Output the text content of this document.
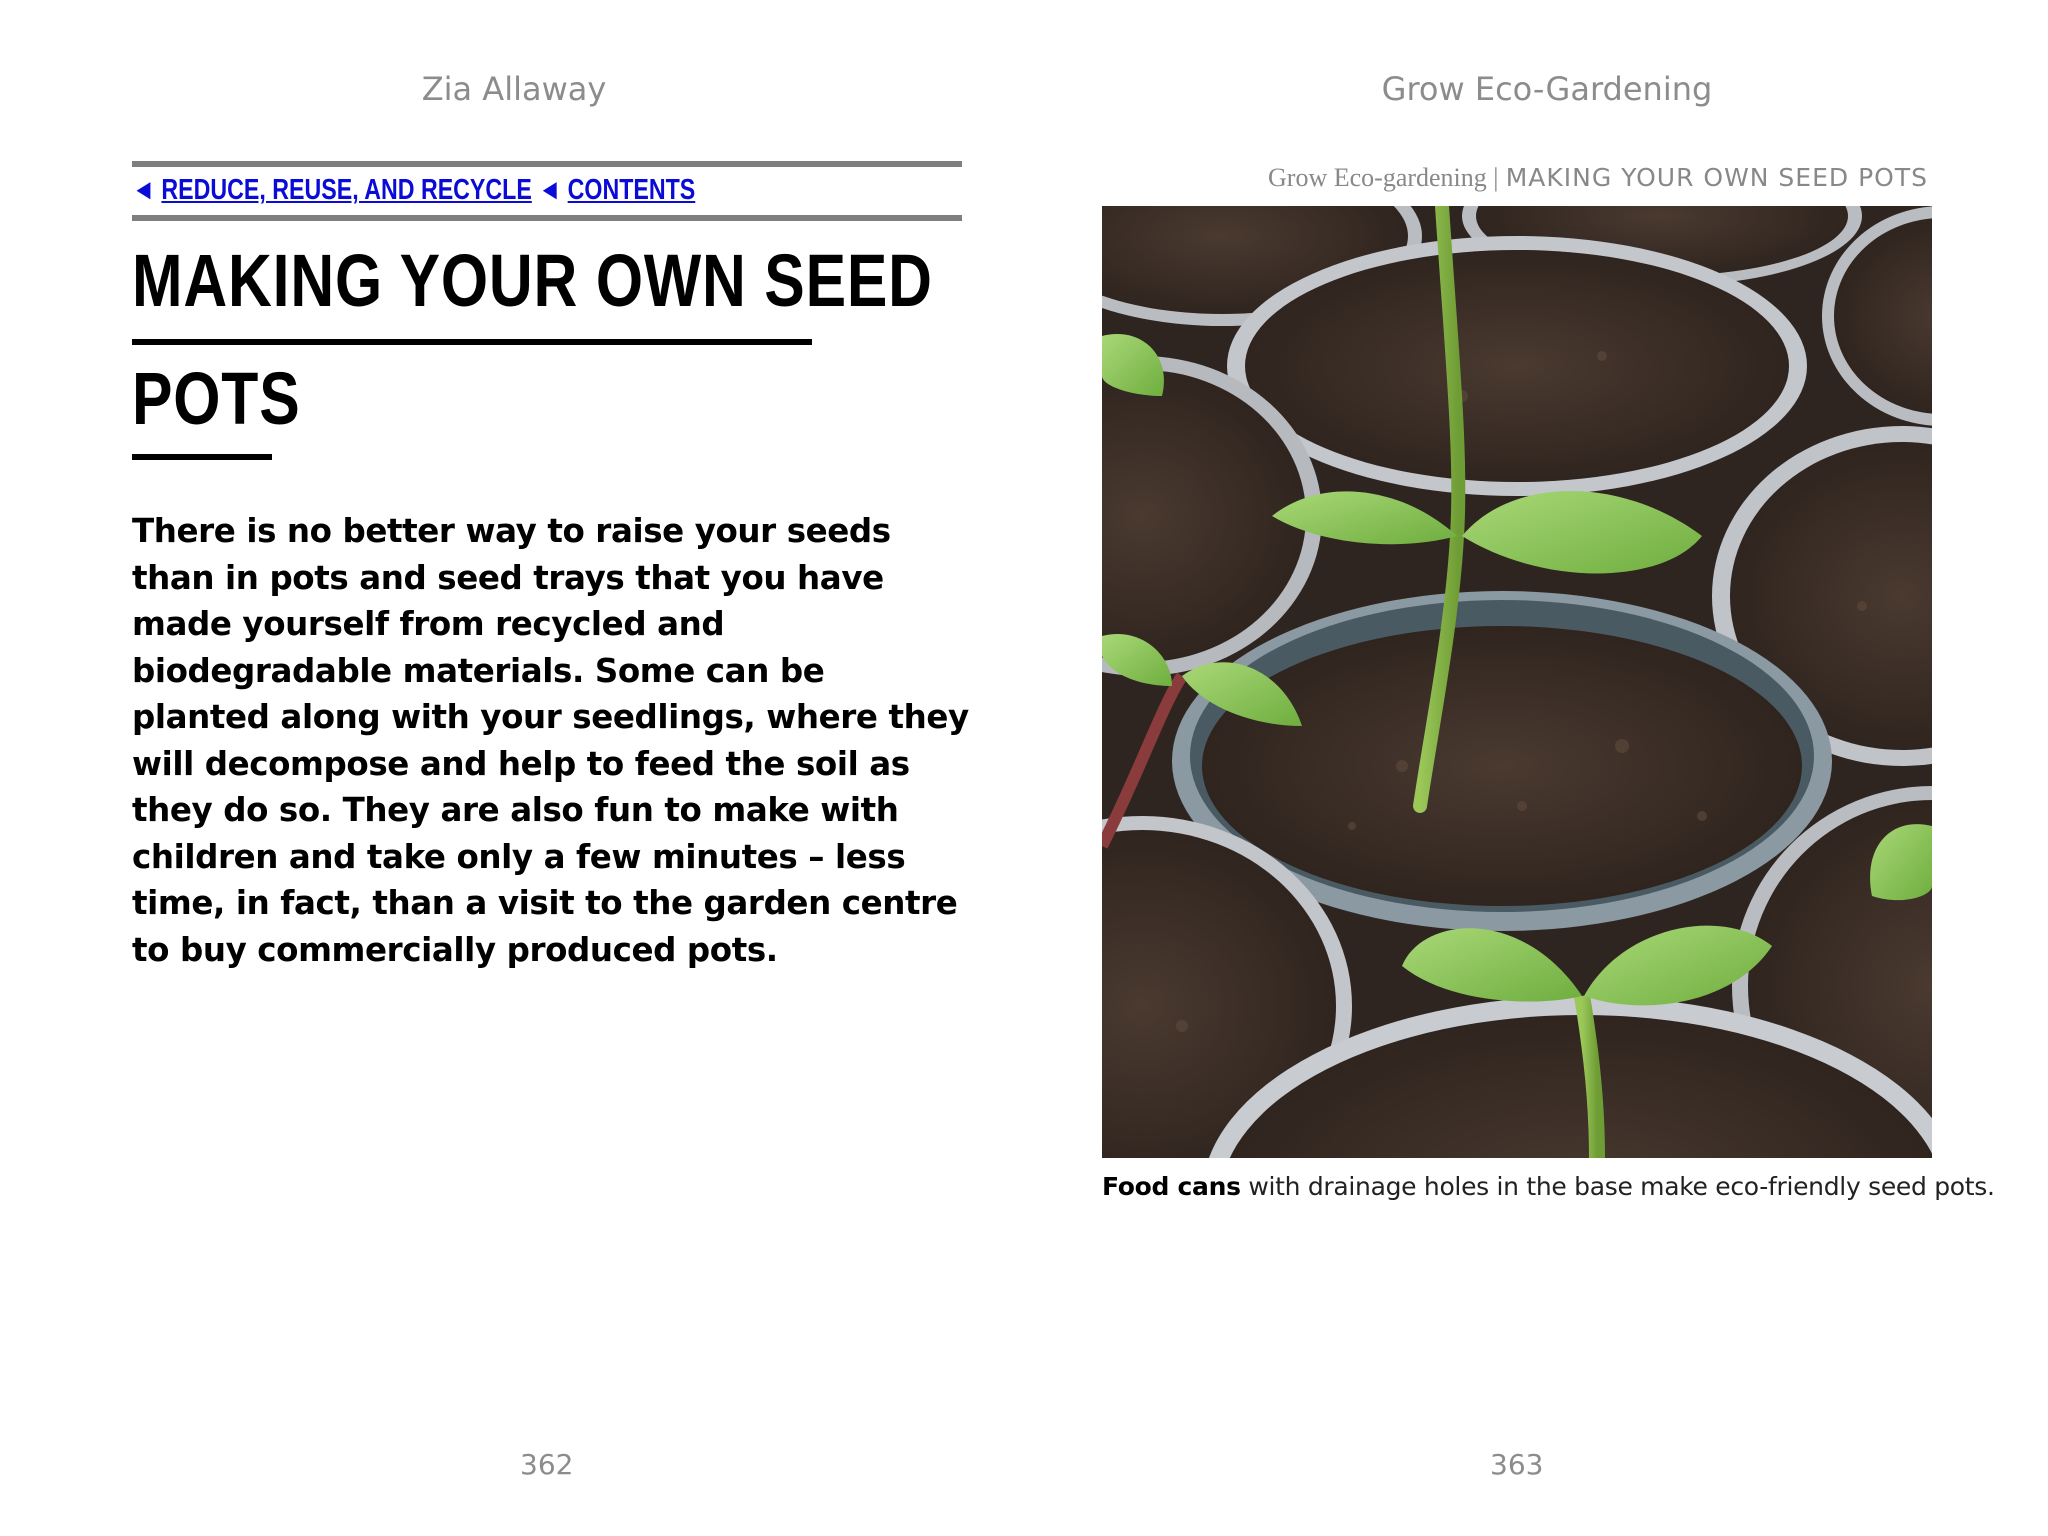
Zia Allaway	Grow Eco-Gardening
◄ REDUCE, REUSE, AND RECYCLE ◄ CONTENTS
MAKING YOUR OWN SEED
POTS
There is no better way to raise your seeds than in pots and seed trays that you have made yourself from recycled and biodegradable materials. Some can be planted along with your seedlings, where they will decompose and help to feed the soil as they do so. They are also fun to make with children and take only a few minutes – less time, in fact, than a visit to the garden centre to buy commercially produced pots.
Grow Eco-gardening | MAKING YOUR OWN SEED POTS
Food cans with drainage holes in the base make eco-friendly seed pots.
362	363
